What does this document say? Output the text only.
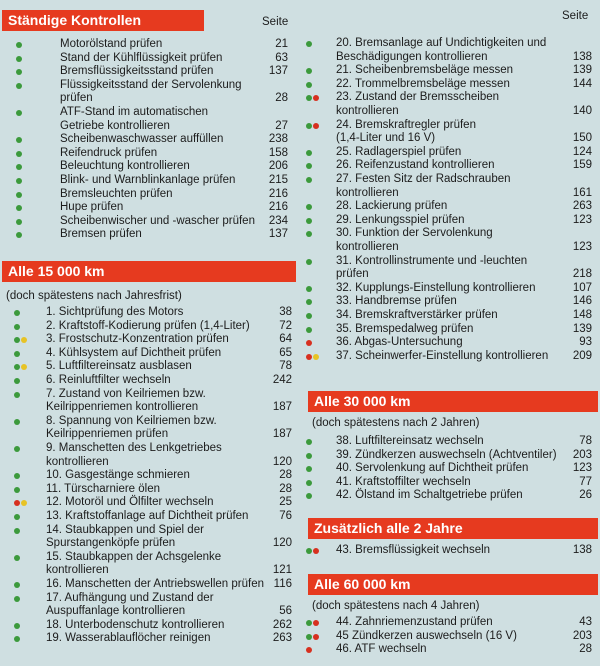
Ständige Kontrollen	Seite
Motorölstand prüfen	21
Stand der Kühlflüssigkeit prüfen	63
Bremsflüssigkeitsstand prüfen	137
Flüssigkeitsstand der Servolenkung
prüfen	28
ATF-Stand im automatischen
Getriebe kontrollieren	27
Scheibenwaschwasser auffüllen	238
Reifendruck prüfen	158
Beleuchtung kontrollieren	206
Blink- und Warnblinkanlage prüfen	215
Bremsleuchten prüfen	216
Hupe prüfen	216
Scheibenwischer und -wascher prüfen	234
Bremsen prüfen	137
Alle 15 000 km
(doch spätestens nach Jahresfrist)
1. Sichtprüfung des Motors	38
2. Kraftstoff-Kodierung prüfen (1,4-Liter)	72
3. Frostschutz-Konzentration prüfen	64
4. Kühlsystem auf Dichtheit prüfen	65
5. Luftfiltereinsatz ausblasen	78
6. Reinluftfilter wechseln	242
7. Zustand von Keilriemen bzw.
Keilrippenriemen kontrollieren	187
8. Spannung von Keilriemen bzw.
Keilrippenriemen prüfen	187
9. Manschetten des Lenkgetriebes
kontrollieren	120
10. Gasgestänge schmieren	28
11. Türscharniere ölen	28
12. Motoröl und Ölfilter wechseln	25
13. Kraftstoffanlage auf Dichtheit prüfen	76
14. Staubkappen und Spiel der
Spurstangenköpfe prüfen	120
15. Staubkappen der Achsgelenke
kontrollieren	121
16. Manschetten der Antriebswellen prüfen 116
17. Aufhängung und Zustand der
Auspuffanlage kontrollieren	56
18. Unterbodenschutz kontrollieren	262
19. Wasserablauflöcher reinigen	263
Seite
20. Bremsanlage auf Undichtigkeiten und
Beschädigungen kontrollieren	138
21. Scheibenbremsbeläge messen	139
22. Trommelbremsbeläge messen	144
23. Zustand der Bremsscheiben
kontrollieren	140
24. Bremskraftregler prüfen
(1,4-Liter und 16 V)	150
25. Radlagerspiel prüfen	124
26. Reifenzustand kontrollieren	159
27. Festen Sitz der Radschrauben
kontrollieren	161
28. Lackierung prüfen	263
29. Lenkungsspiel prüfen	123
30. Funktion der Servolenkung
kontrollieren	123
31. Kontrollinstrumente und -leuchten
prüfen	218
32. Kupplungs-Einstellung kontrollieren	107
33. Handbremse prüfen	146
34. Bremskraftverstärker prüfen	148
35. Bremspedalweg prüfen	139
36. Abgas-Untersuchung	93
37. Scheinwerfer-Einstellung kontrollieren	209
Alle 30 000 km
(doch spätestens nach 2 Jahren)
38. Luftfiltereinsatz wechseln	78
39. Zündkerzen auswechseln (Achtventiler)	203
40. Servolenkung auf Dichtheit prüfen	123
41. Kraftstoffilter wechseln	77
42. Ölstand im Schaltgetriebe prüfen	26
Zusätzlich alle 2 Jahre
43. Bremsflüssigkeit wechseln	138
Alle 60 000 km
(doch spätestens nach 4 Jahren)
44. Zahnriemenzustand prüfen	43
45 Zündkerzen auswechseln (16 V)	203
46. ATF wechseln	28
